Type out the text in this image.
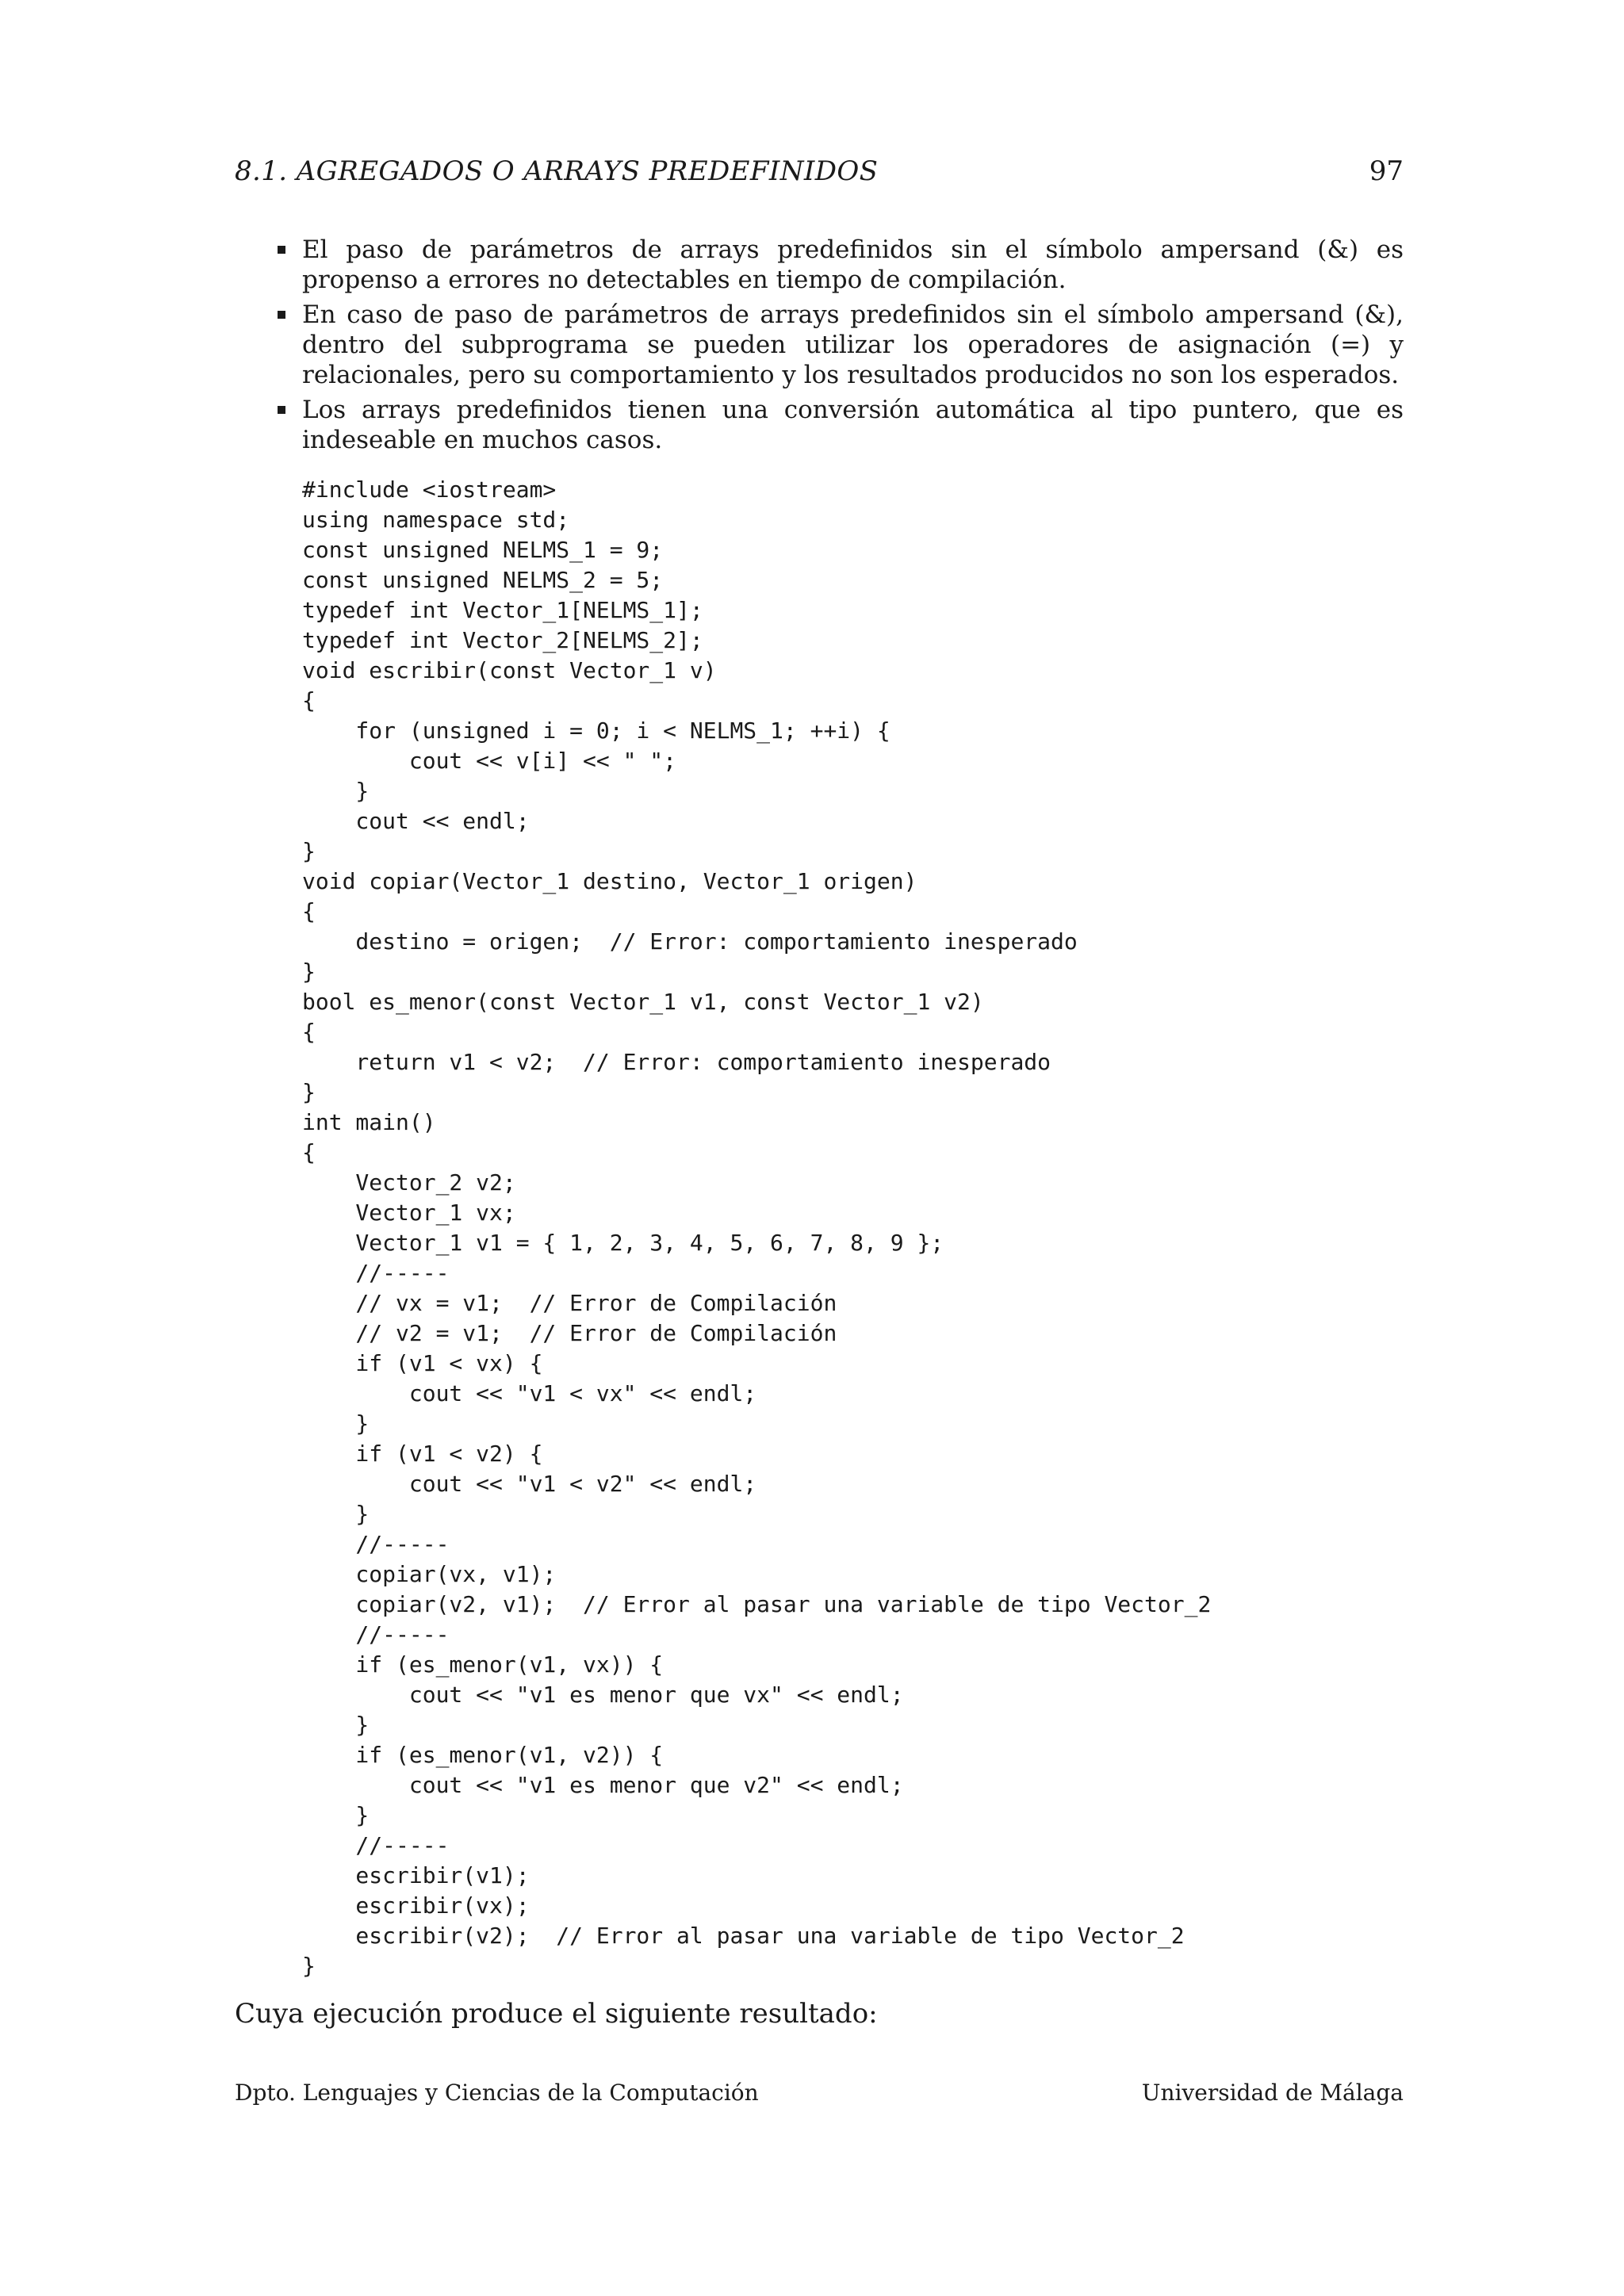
8.1. AGREGADOS O ARRAYS PREDEFINIDOS	97
El paso de parámetros de arrays predefinidos sin el símbolo ampersand (&) es propenso a errores no detectables en tiempo de compilación.
En caso de paso de parámetros de arrays predefinidos sin el símbolo ampersand (&), dentro del subprograma se pueden utilizar los operadores de asignación (=) y relacionales, pero su comportamiento y los resultados producidos no son los esperados.
Los arrays predefinidos tienen una conversión automática al tipo puntero, que es indeseable en muchos casos.
#include <iostream>
using namespace std;
const unsigned NELMS_1 = 9;
const unsigned NELMS_2 = 5;
typedef int Vector_1[NELMS_1];
typedef int Vector_2[NELMS_2];
void escribir(const Vector_1 v)
{
for (unsigned i = 0; i < NELMS_1; ++i) {
cout << v[i] << " ";
}
cout << endl;
}
void copiar(Vector_1 destino, Vector_1 origen)
{
destino = origen;  // Error: comportamiento inesperado
}
bool es_menor(const Vector_1 v1, const Vector_1 v2)
{
return v1 < v2;  // Error: comportamiento inesperado
}
int main()
{
Vector_2 v2;
Vector_1 vx;
Vector_1 v1 = { 1, 2, 3, 4, 5, 6, 7, 8, 9 };
//-----
// vx = v1;  // Error de Compilación
// v2 = v1;  // Error de Compilación
if (v1 < vx) {
cout << "v1 < vx" << endl;
}
if (v1 < v2) {
cout << "v1 < v2" << endl;
}
//-----
copiar(vx, v1);
copiar(v2, v1);  // Error al pasar una variable de tipo Vector_2
//-----
if (es_menor(v1, vx)) {
cout << "v1 es menor que vx" << endl;
}
if (es_menor(v1, v2)) {
cout << "v1 es menor que v2" << endl;
}
//-----
escribir(v1);
escribir(vx);
escribir(v2);  // Error al pasar una variable de tipo Vector_2
}
Cuya ejecución produce el siguiente resultado:
Dpto. Lenguajes y Ciencias de la Computación	Universidad de Málaga
